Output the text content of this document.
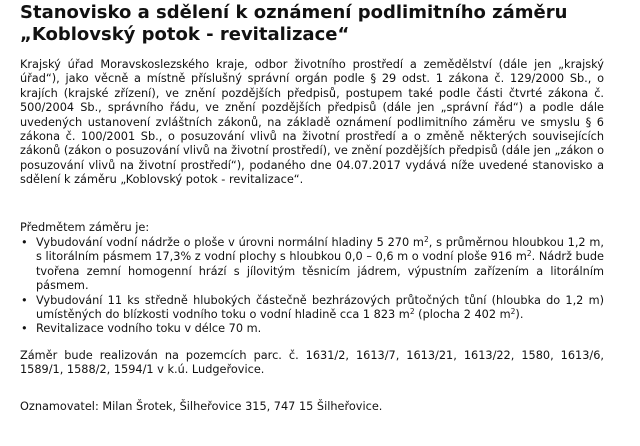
Stanovisko a sdělení k oznámení podlimitního záměru „Koblovský potok - revitalizace“

Krajský úřad Moravskoslezského kraje, odbor životního prostředí a zemědělství (dále jen „krajský úřad“), jako věcně a místně příslušný správní orgán podle § 29 odst. 1 zákona č. 129/2000 Sb., o krajích (krajské zřízení), ve znění pozdějších předpisů, postupem také podle části čtvrté zákona č. 500/2004 Sb., správního řádu, ve znění pozdějších předpisů (dále jen „správní řád“) a podle dále uvedených ustanovení zvláštních zákonů, na základě oznámení podlimitního záměru ve smyslu § 6 zákona č. 100/2001 Sb., o posuzování vlivů na životní prostředí a o změně některých souvisejících zákonů (zákon o posuzování vlivů na životní prostředí), ve znění pozdějších předpisů (dále jen „zákon o posuzování vlivů na životní prostředí“), podaného dne 04.07.2017 vydává níže uvedené stanovisko a sdělení k záměru „Koblovský potok - revitalizace“.

Předmětem záměru je:

• Vybudování vodní nádrže o ploše v úrovni normální hladiny 5 270 $m^2$, s průměrnou hloubkou 1,2 m, s litorálním pásmem 17,3% z vodní plochy s hloubkou 0,0 – 0,6 m o vodní ploše 916 $m^2$. Nádrž bude tvořena zemní homogenní hrází s jílovitým těsnicím jádrem, výpustním zařízením a litorálním pásmem.
• Vybudování 11 ks středně hlubokých částečně bezhrázových průtočných tůní (hloubka do 1,2 m) umístěných do blízkosti vodního toku o vodní hladině cca 1 823 $m^2$ (plocha 2 402 $m^2$).
• Revitalizace vodního toku v délce 70 m.

Záměr bude realizován na pozemcích parc. č. 1631/2, 1613/7, 1613/21, 1613/22, 1580, 1613/6, 1589/1, 1588/2, 1594/1 v k.ú. Ludgeřovice.

Oznamovatel: Milan Šrotek, Šilheřovice 315, 747 15 Šilheřovice.
